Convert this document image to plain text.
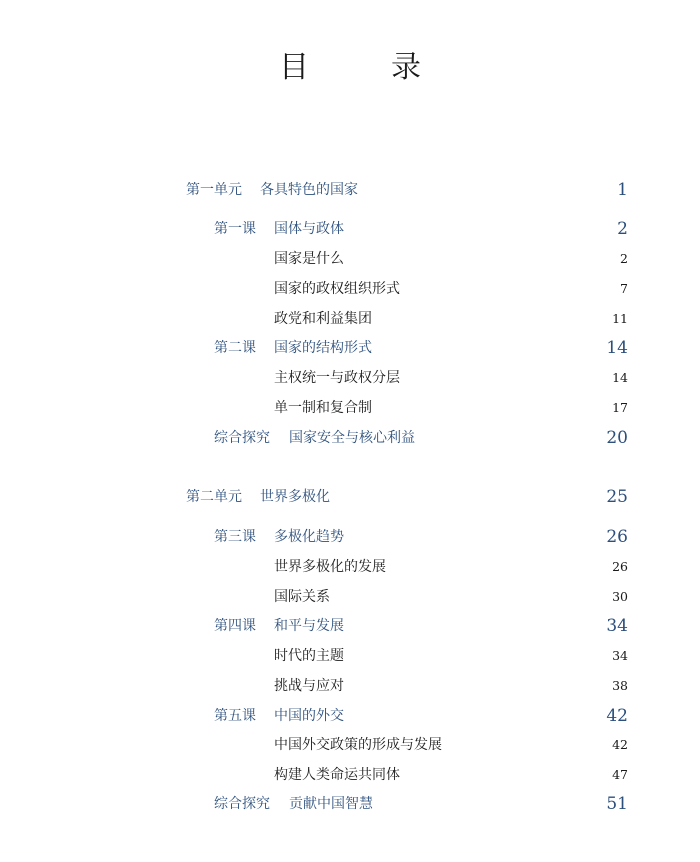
目　录
第一单元 各具特色的国家	1
第一课 国体与政体	2
国家是什么	2
国家的政权组织形式	7
政党和利益集团	11
第二课 国家的结构形式	14
主权统一与政权分层	14
单一制和复合制	17
综合探究 国家安全与核心利益	20
第二单元 世界多极化	25
第三课 多极化趋势	26
世界多极化的发展	26
国际关系	30
第四课 和平与发展	34
时代的主题	34
挑战与应对	38
第五课 中国的外交	42
中国外交政策的形成与发展	42
构建人类命运共同体	47
综合探究 贡献中国智慧	51
